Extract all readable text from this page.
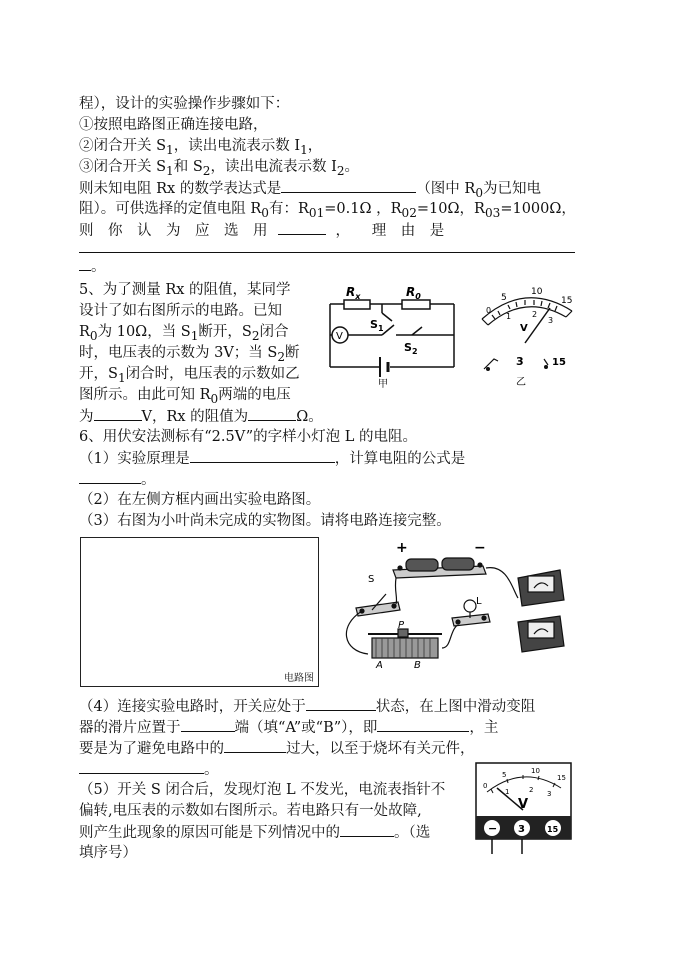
程），设计的实验操作步骤如下：
①按照电路图正确连接电路，
②闭合开关 $S_1$，读出电流表示数 $I_1$，
③闭合开关 $S_1$和 $S_2$，读出电流表示数 $I_2$。
则未知电阻 Rx 的数学表达式是	（图中 $R_0$为已知电
阻）。可供选择的定值电阻 $R_0$有：$R_{01}=0.1\Omega$ ，$R_{02}=10\Omega$，$R_{03}=1000\Omega$，
则　你　认　为　应　选　用	，　　理　由　是
。
5、为了测量 Rx 的阻值，某同学
设计了如右图所示的电路。已知
$R_0$为 10Ω，当 $S_1$断开，$S_2$闭合
时，电压表的示数为 3V；当 $S_2$断
开，$S_1$闭合时，电压表的示数如乙
图所示。由此可知 $R_0$两端的电压
为	V，Rx 的阻值为	Ω。
$R_x$	$R_0$
V
$S_1$
$S_2$
甲
5
10
15
0
1	2
3
V
3	15
乙
6、用伏安法测标有“2.5V”的字样小灯泡 L 的电阻。
（1）实验原理是	，计算电阻的公式是
。
（2）在左侧方框内画出实验电路图。
（3）右图为小叶尚未完成的实物图。请将电路连接完整。
电路图
+	−
S
L
P
A	B
（4）连接实验电路时，开关应处于	状态，在上图中滑动变阻
器的滑片应置于	端（填“A”或“B”），即	，主
要是为了避免电路中的	过大，以至于烧坏有关元件，
。
（5）开关 S 闭合后，发现灯泡 L 不发光，电流表指针不
偏转,电压表的示数如右图所示。若电路只有一处故障,
则产生此现象的原因可能是下列情况中的	。（选
填序号）
5	10
15
0
1	2 3
V
− 3	15
